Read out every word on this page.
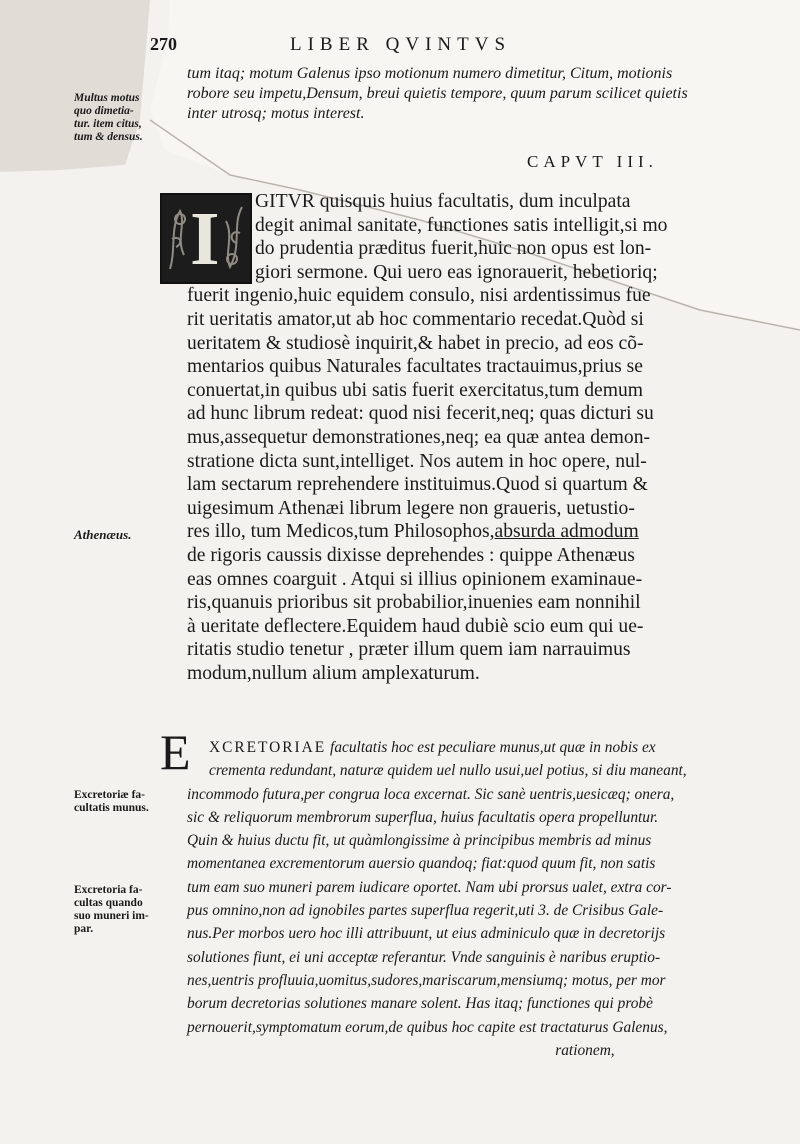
270	LIBER QVINTVS
Multus motus
quo dimetia-
tur. item citus,
tum & densus.
Athenæus.
Excretoriæ fa-
cultatis munus.
Excretoria fa-
cultas quando
suo muneri im-
par.
tum itaq; motum Galenus ipso motionum numero dimetitur, Citum, motionis
robore seu impetu,Densum, breui quietis tempore, quum parum scilicet quietis
inter utrosq; motus interest.
CAPVT III.
I	GITVR quisquis huius facultatis, dum inculpata
degit animal sanitate, functiones satis intelligit,si mo
do prudentia præditus fuerit,huic non opus est lon-
giori sermone. Qui uero eas ignorauerit, hebetioriq;
fuerit ingenio,huic equidem consulo, nisi ardentissimus fue
rit ueritatis amator,ut ab hoc commentario recedat.Quòd si
ueritatem & studiosè inquirit,& habet in precio, ad eos cõ-
mentarios quibus Naturales facultates tractauimus,prius se
conuertat,in quibus ubi satis fuerit exercitatus,tum demum
ad hunc librum redeat: quod nisi fecerit,neq; quas dicturi su
mus,assequetur demonstrationes,neq; ea quæ antea demon-
stratione dicta sunt,intelliget. Nos autem in hoc opere, nul-
lam sectarum reprehendere instituimus.Quod si quartum &
uigesimum Athenæi librum legere non graueris, uetustio-
res illo, tum Medicos,tum Philosophos,absurda admodum
de rigoris caussis dixisse deprehendes : quippe Athenæus
eas omnes coarguit . Atqui si illius opinionem examinaue-
ris,quanuis prioribus sit probabilior,inuenies eam nonnihil
à ueritate deflectere.Equidem haud dubiè scio eum qui ue-
ritatis studio tenetur , præter illum quem iam narrauimus
modum,nullum alium amplexaturum.
E	XCRETORIAE facultatis hoc est peculiare munus,ut quæ in nobis ex
crementa redundant, naturæ quidem uel nullo usui,uel potius, si diu maneant,
incommodo futura,per congrua loca excernat. Sic sanè uentris,uesicæq; onera,
sic & reliquorum membrorum superflua, huius facultatis opera propelluntur.
Quin & huius ductu fit, ut quàmlongissime à principibus membris ad minus
momentanea excrementorum auersio quandoq; fiat:quod quum fit, non satis
tum eam suo muneri parem iudicare oportet. Nam ubi prorsus ualet, extra cor-
pus omnino,non ad ignobiles partes superflua regerit,uti 3. de Crisibus Gale-
nus.Per morbos uero hoc illi attribuunt, ut eius adminiculo quæ in decretorijs
solutiones fiunt, ei uni acceptæ referantur. Vnde sanguinis è naribus eruptio-
nes,uentris profluuia,uomitus,sudores,mariscarum,mensiumq; motus, per mor
borum decretorias solutiones manare solent. Has itaq; functiones qui probè
pernouerit,symptomatum eorum,de quibus hoc capite est tractaturus Galenus,
rationem,
